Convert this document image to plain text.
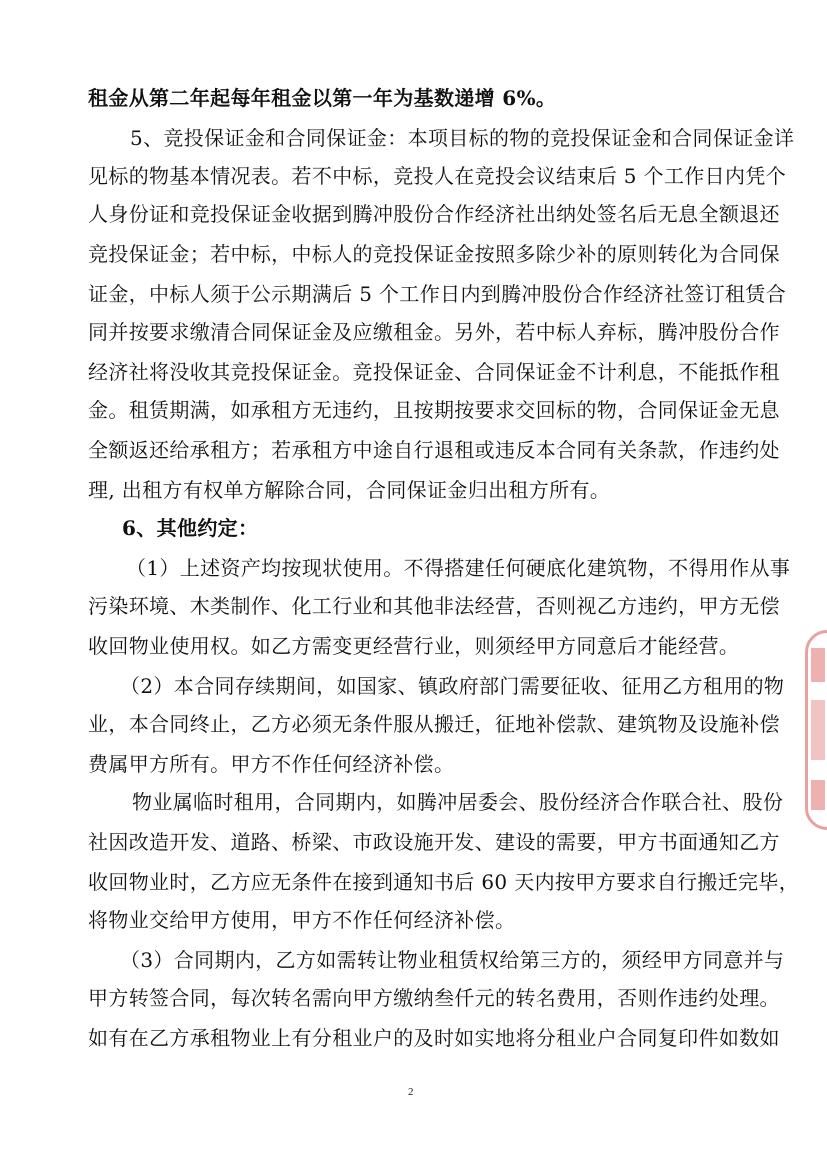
租金从第二年起每年租金以第一年为基数递增 6%。
5、竞投保证金和合同保证金：本项目标的物的竞投保证金和合同保证金详
见标的物基本情况表。若不中标，竞投人在竞投会议结束后 5 个工作日内凭个
人身份证和竞投保证金收据到腾冲股份合作经济社出纳处签名后无息全额退还
竞投保证金；若中标，中标人的竞投保证金按照多除少补的原则转化为合同保
证金，中标人须于公示期满后 5 个工作日内到腾冲股份合作经济社签订租赁合
同并按要求缴清合同保证金及应缴租金。另外，若中标人弃标，腾冲股份合作
经济社将没收其竞投保证金。竞投保证金、合同保证金不计利息，不能抵作租
金。租赁期满，如承租方无违约，且按期按要求交回标的物，合同保证金无息
全额返还给承租方；若承租方中途自行退租或违反本合同有关条款，作违约处
理, 出租方有权单方解除合同，合同保证金归出租方所有。
6、其他约定：
（1）上述资产均按现状使用。不得搭建任何硬底化建筑物，不得用作从事
污染环境、木类制作、化工行业和其他非法经营，否则视乙方违约，甲方无偿
收回物业使用权。如乙方需变更经营行业，则须经甲方同意后才能经营。
（2）本合同存续期间，如国家、镇政府部门需要征收、征用乙方租用的物
业，本合同终止，乙方必须无条件服从搬迁，征地补偿款、建筑物及设施补偿
费属甲方所有。甲方不作任何经济补偿。
物业属临时租用，合同期内，如腾冲居委会、股份经济合作联合社、股份
社因改造开发、道路、桥梁、市政设施开发、建设的需要，甲方书面通知乙方
收回物业时，乙方应无条件在接到通知书后 60 天内按甲方要求自行搬迁完毕，
将物业交给甲方使用，甲方不作任何经济补偿。
（3）合同期内，乙方如需转让物业租赁权给第三方的，须经甲方同意并与
甲方转签合同，每次转名需向甲方缴纳叁仟元的转名费用，否则作违约处理。
如有在乙方承租物业上有分租业户的及时如实地将分租业户合同复印件如数如
2
